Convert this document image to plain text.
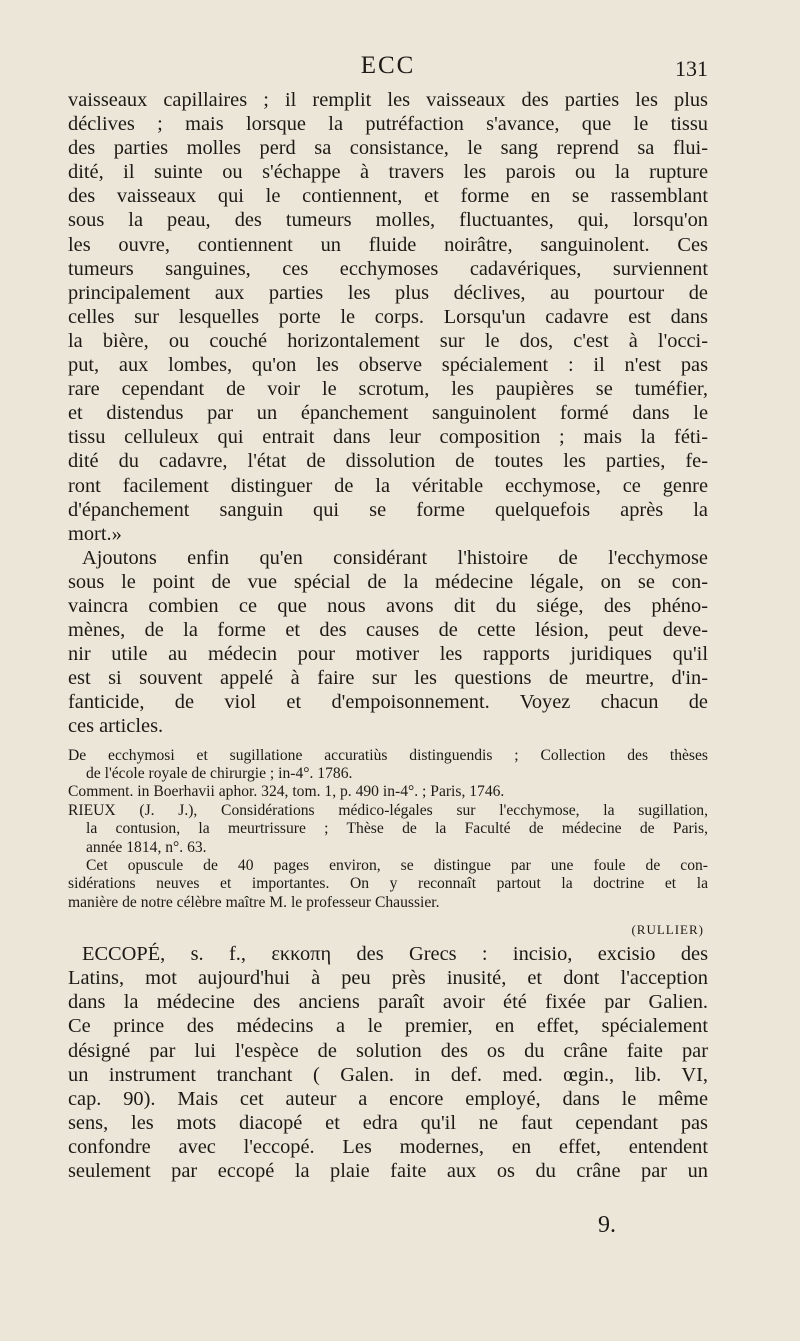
ECC	131

vaisseaux capillaires ; il remplit les vaisseaux des parties les plus

déclives ; mais lorsque la putréfaction s'avance, que le tissu

des parties molles perd sa consistance, le sang reprend sa flui-

dité, il suinte ou s'échappe à travers les parois ou la rupture

des vaisseaux qui le contiennent, et forme en se rassemblant

sous la peau, des tumeurs molles, fluctuantes, qui, lorsqu'on

les ouvre, contiennent un fluide noirâtre, sanguinolent. Ces

tumeurs sanguines, ces ecchymoses cadavériques, surviennent

principalement aux parties les plus déclives, au pourtour de

celles sur lesquelles porte le corps. Lorsqu'un cadavre est dans

la bière, ou couché horizontalement sur le dos, c'est à l'occi-

put, aux lombes, qu'on les observe spécialement : il n'est pas

rare cependant de voir le scrotum, les paupières se tuméfier,

et distendus par un épanchement sanguinolent formé dans le

tissu celluleux qui entrait dans leur composition ; mais la féti-

dité du cadavre, l'état de dissolution de toutes les parties, fe-

ront facilement distinguer de la véritable ecchymose, ce genre

d'épanchement sanguin qui se forme quelquefois après la

mort.»

Ajoutons enfin qu'en considérant l'histoire de l'ecchymose

sous le point de vue spécial de la médecine légale, on se con-

vaincra combien ce que nous avons dit du siége, des phéno-

mènes, de la forme et des causes de cette lésion, peut deve-

nir utile au médecin pour motiver les rapports juridiques qu'il

est si souvent appelé à faire sur les questions de meurtre, d'in-

fanticide, de viol et d'empoisonnement. Voyez chacun de

ces articles.

De ecchymosi et sugillatione accuratiùs distinguendis ; Collection des thèses

de l'école royale de chirurgie ; in-4°. 1786.

Comment. in Boerhavii aphor. 324, tom. 1, p. 490 in-4°. ; Paris, 1746.

RIEUX (J. J.), Considérations médico-légales sur l'ecchymose, la sugillation,

la contusion, la meurtrissure ; Thèse de la Faculté de médecine de Paris,

année 1814, n°. 63.

Cet opuscule de 40 pages environ, se distingue par une foule de con-

sidérations neuves et importantes. On y reconnaît partout la doctrine et la

manière de notre célèbre maître M. le professeur Chaussier.

(RULLIER)

ECCOPÉ, s. f., εκκοπη des Grecs : incisio, excisio des

Latins, mot aujourd'hui à peu près inusité, et dont l'acception

dans la médecine des anciens paraît avoir été fixée par Galien.

Ce prince des médecins a le premier, en effet, spécialement

désigné par lui l'espèce de solution des os du crâne faite par

un instrument tranchant ( Galen. in def. med. œgin., lib. VI,

cap. 90). Mais cet auteur a encore employé, dans le même

sens, les mots diacopé et edra qu'il ne faut cependant pas

confondre avec l'eccopé. Les modernes, en effet, entendent

seulement par eccopé la plaie faite aux os du crâne par un

9.
